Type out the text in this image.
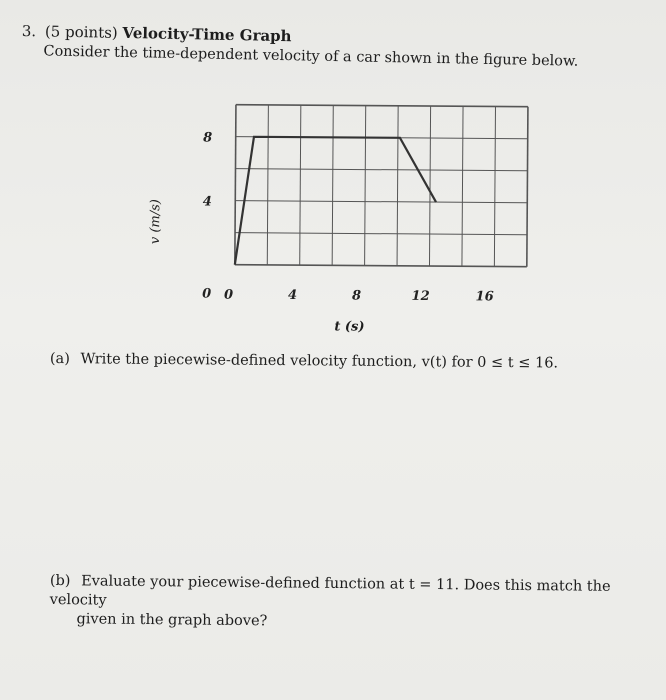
3. (5 points) Velocity-Time Graph
Consider the time-dependent velocity of a car shown in the figure below.
0
4
8
0	4	8	12	16
v (m/s)
t (s)
(a) Write the piecewise-defined velocity function, v(t) for 0 ≤ t ≤ 16.
(b) Evaluate your piecewise-defined function at t = 11. Does this match the velocity
given in the graph above?
